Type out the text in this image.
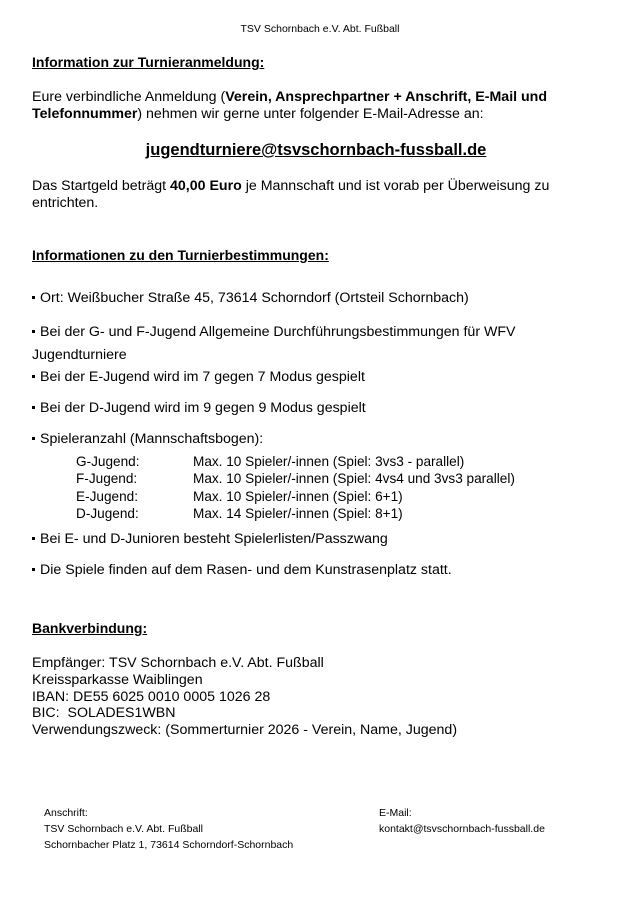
TSV Schornbach e.V. Abt. Fußball
Information zur Turnieranmeldung:
Eure verbindliche Anmeldung (Verein, Ansprechpartner + Anschrift, E-Mail und Telefonnummer) nehmen wir gerne unter folgender E-Mail-Adresse an:
jugendturniere@tsvschornbach-fussball.de
Das Startgeld beträgt 40,00 Euro je Mannschaft und ist vorab per Überweisung zu entrichten.
Informationen zu den Turnierbestimmungen:
Ort: Weißbucher Straße 45, 73614 Schorndorf (Ortsteil Schornbach)
Bei der G- und F-Jugend Allgemeine Durchführungsbestimmungen für WFV
Jugendturniere
Bei der E-Jugend wird im 7 gegen 7 Modus gespielt
Bei der D-Jugend wird im 9 gegen 9 Modus gespielt
Spieleranzahl (Mannschaftsbogen):
G-Jugend:	Max. 10 Spieler/-innen (Spiel: 3vs3 - parallel)
F-Jugend:	Max. 10 Spieler/-innen (Spiel: 4vs4 und 3vs3 parallel)
E-Jugend:	Max. 10 Spieler/-innen (Spiel: 6+1)
D-Jugend:	Max. 14 Spieler/-innen (Spiel: 8+1)
Bei E- und D-Junioren besteht Spielerlisten/Passzwang
Die Spiele finden auf dem Rasen- und dem Kunstrasenplatz statt.
Bankverbindung:
Empfänger: TSV Schornbach e.V. Abt. Fußball
Kreissparkasse Waiblingen
IBAN: DE55 6025 0010 0005 1026 28
BIC:  SOLADES1WBN
Verwendungszweck: (Sommerturnier 2026 - Verein, Name, Jugend)
Anschrift:
TSV Schornbach e.V. Abt. Fußball
Schornbacher Platz 1, 73614 Schorndorf-Schornbach
E-Mail:
kontakt@tsvschornbach-fussball.de
